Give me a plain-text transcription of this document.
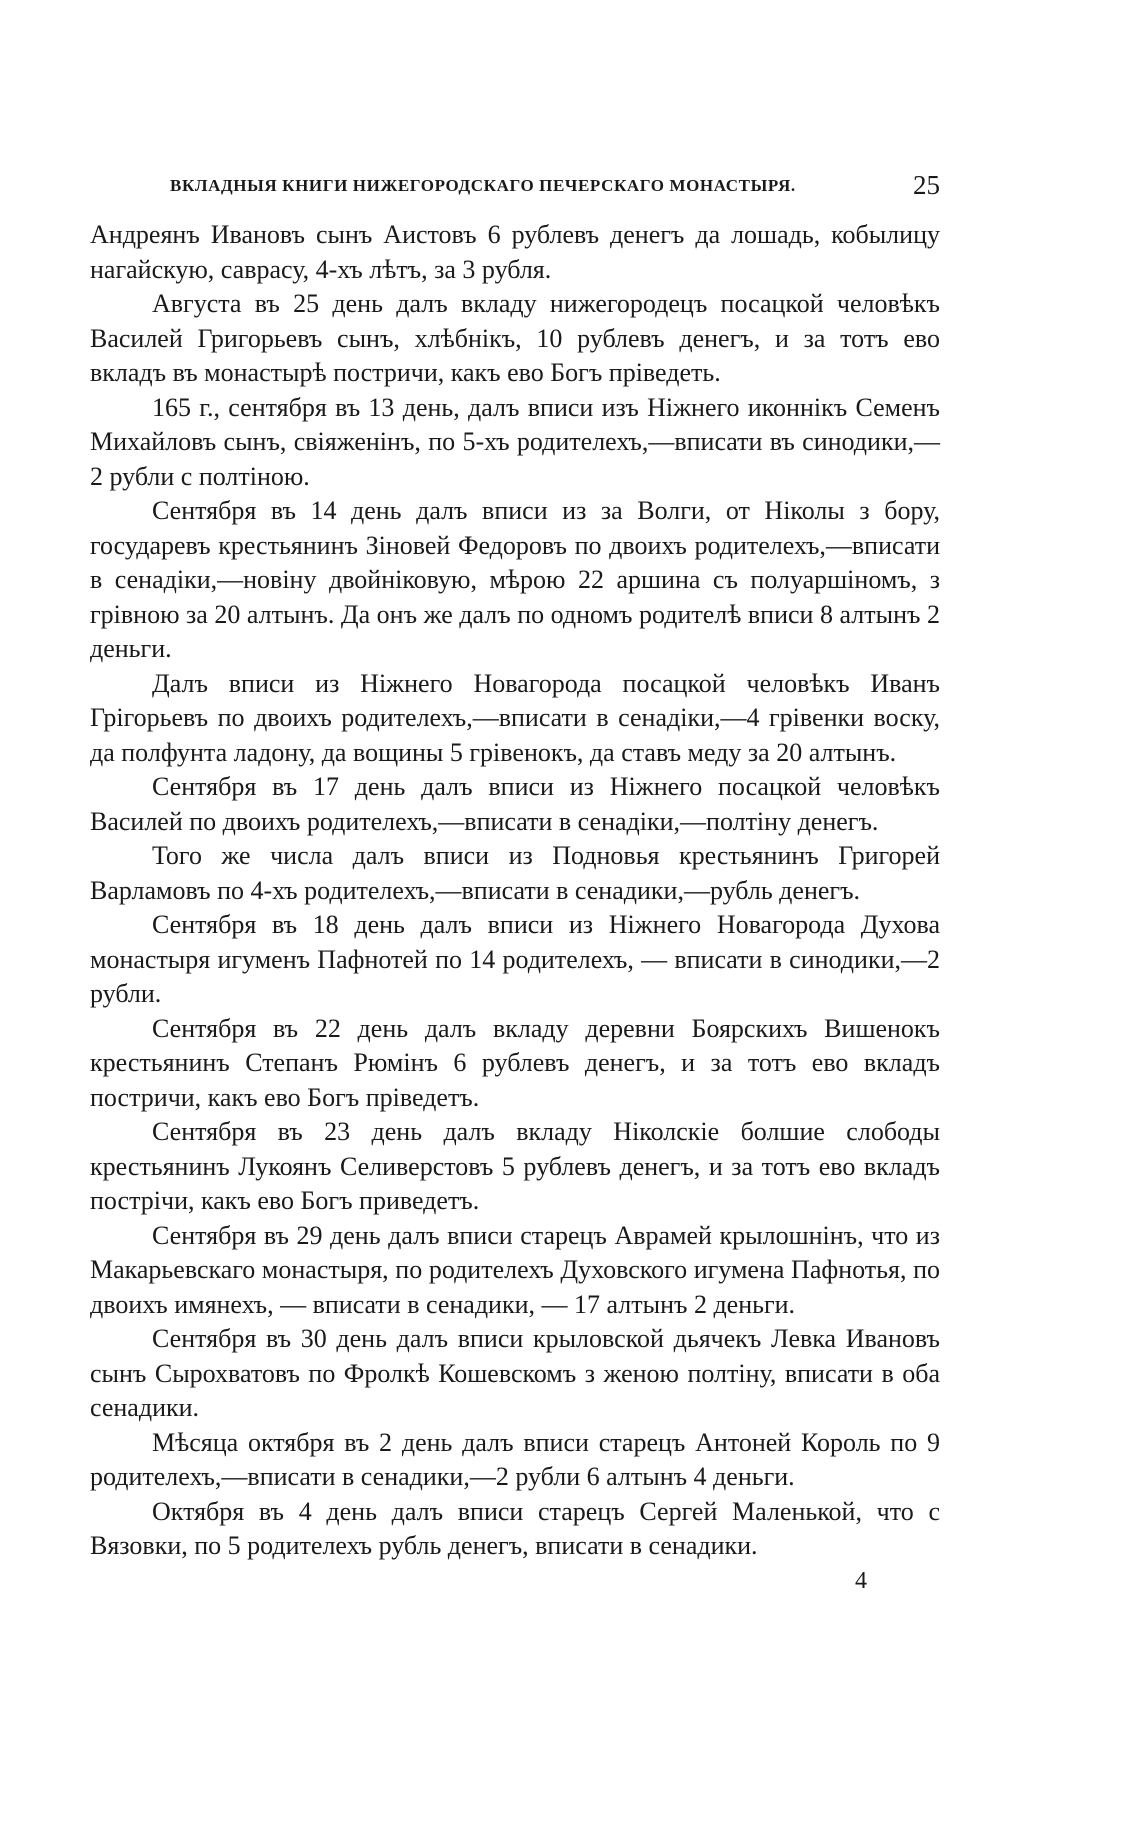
ВКЛАДНЫЯ КНИГИ НИЖЕГОРОДСКАГО ПЕЧЕРСКАГО МОНАСТЫРЯ.	25

Андреянъ Ивановъ сынъ Аистовъ 6 рублевъ денегъ да лошадь, кобылицу нагайскую, саврасу, 4-хъ лѣтъ, за 3 рубля.

Августа въ 25 день далъ вкладу нижегородецъ посацкой человѣкъ Василей Григорьевъ сынъ, хлѣбнікъ, 10 рублевъ денегъ, и за тотъ ево вкладъ въ монастырѣ постричи, какъ ево Богъ пріведеть.

165 г., сентября въ 13 день, далъ вписи изъ Ніжнего иконнікъ Семенъ Михайловъ сынъ, свіяженінъ, по 5-хъ родителехъ,—вписати въ синодики,—2 рубли с полтіною.

Сентября въ 14 день далъ вписи из за Волги, от Ніколы з бору, государевъ крестьянинъ Зіновей Федоровъ по двоихъ родителехъ,—вписати в сенадіки,—новіну двойніковую, мѣрою 22 аршина съ полуаршіномъ, з грівною за 20 алтынъ. Да онъ же далъ по одномъ родителѣ вписи 8 алтынъ 2 деньги.

Далъ вписи из Ніжнего Новагорода посацкой человѣкъ Иванъ Грігорьевъ по двоихъ родителехъ,—вписати в сенадіки,—4 грівенки воску, да полфунта ладону, да вощины 5 грівенокъ, да ставъ меду за 20 алтынъ.

Сентября въ 17 день далъ вписи из Ніжнего посацкой человѣкъ Василей по двоихъ родителехъ,—вписати в сенадіки,—полтіну денегъ.

Того же числа далъ вписи из Подновья крестьянинъ Григорей Варламовъ по 4-хъ родителехъ,—вписати в сенадики,—рубль денегъ.

Сентября въ 18 день далъ вписи из Ніжнего Новагорода Духова монастыря игуменъ Пафнотей по 14 родителехъ, — вписати в синодики,—2 рубли.

Сентября въ 22 день далъ вкладу деревни Боярскихъ Вишенокъ крестьянинъ Степанъ Рюмінъ 6 рублевъ денегъ, и за тотъ ево вкладъ постричи, какъ ево Богъ пріведетъ.

Сентября въ 23 день далъ вкладу Ніколскіе болшие слободы крестьянинъ Лукоянъ Селиверстовъ 5 рублевъ денегъ, и за тотъ ево вкладъ пострічи, какъ ево Богъ приведетъ.

Сентября въ 29 день далъ вписи старецъ Аврамей крылошнінъ, что из Макарьевскаго монастыря, по родителехъ Духовского игумена Пафнотья, по двоихъ имянехъ, — вписати в сенадики, — 17 алтынъ 2 деньги.

Сентября въ 30 день далъ вписи крыловской дьячекъ Левка Ивановъ сынъ Сырохватовъ по Фролкѣ Кошевскомъ з женою полтіну, вписати в оба сенадики.

Мѣсяца октября въ 2 день далъ вписи старецъ Антоней Король по 9 родителехъ,—вписати в сенадики,—2 рубли 6 алтынъ 4 деньги.

Октября въ 4 день далъ вписи старецъ Сергей Маленькой, что с Вязовки, по 5 родителехъ рубль денегъ, вписати в сенадики.

4
